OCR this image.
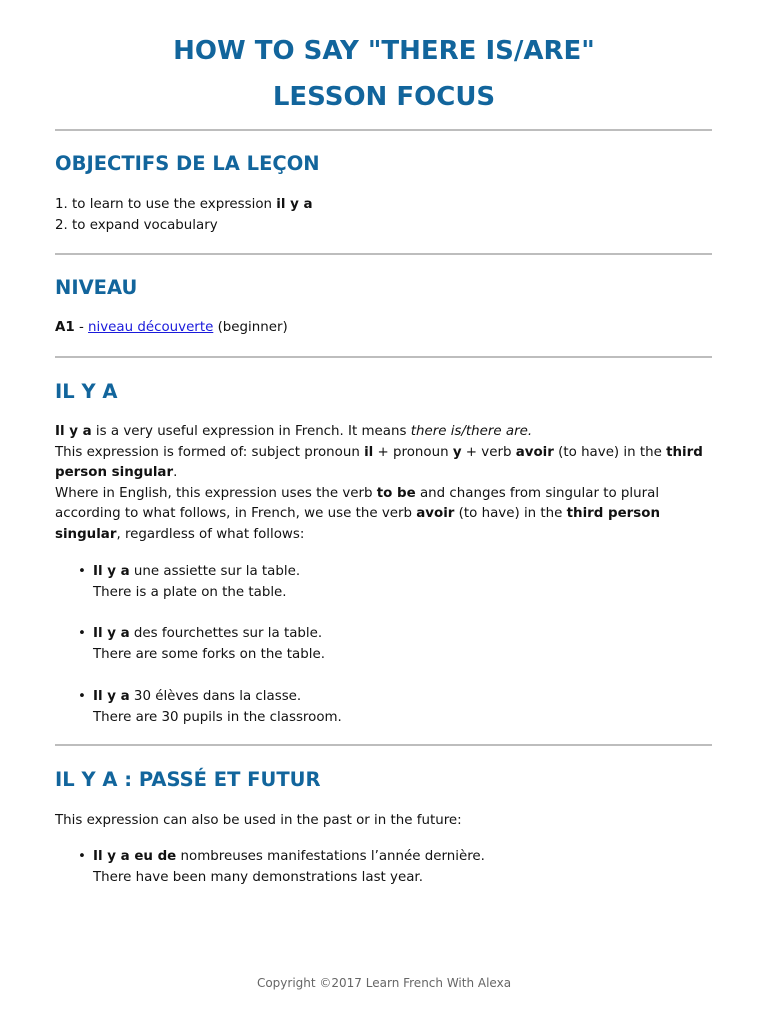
HOW TO SAY "THERE IS/ARE"
LESSON FOCUS
OBJECTIFS DE LA LEÇON

1. to learn to use the expression il y a

2. to expand vocabulary

NIVEAU

A1 - niveau découverte (beginner)

IL Y A

Il y a is a very useful expression in French. It means there is/there are.

This expression is formed of: subject pronoun il + pronoun y + verb avoir (to have) in the third person singular.

Where in English, this expression uses the verb to be and changes from singular to plural according to what follows, in French, we use the verb avoir (to have) in the third person singular, regardless of what follows:

• Il y a une assiette sur la table.
There is a plate on the table.
• Il y a des fourchettes sur la table.
There are some forks on the table.
• Il y a 30 élèves dans la classe.
There are 30 pupils in the classroom.
IL Y A : PASSÉ ET FUTUR

This expression can also be used in the past or in the future:

• Il y a eu de nombreuses manifestations l’année dernière.
There have been many demonstrations last year.
Copyright ©2017 Learn French With Alexa
